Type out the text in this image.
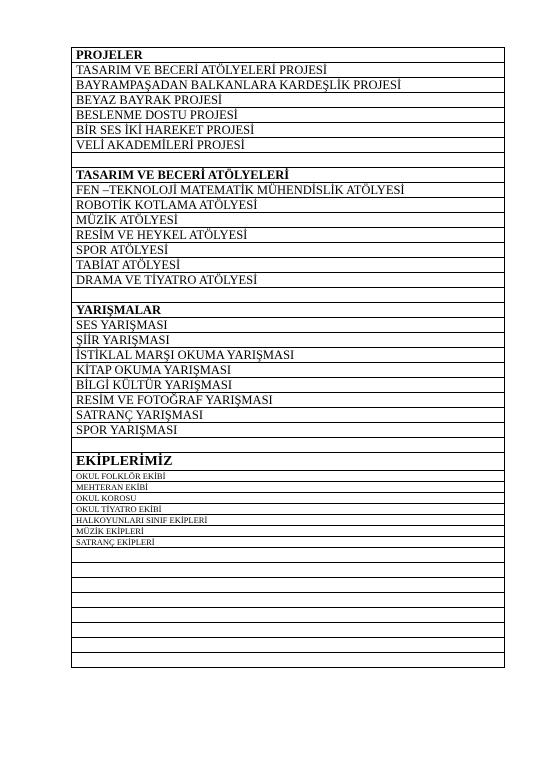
PROJELER
TASARIM VE BECERİ ATÖLYELERİ PROJESİ
BAYRAMPAŞADAN BALKANLARA KARDEŞLİK PROJESİ
BEYAZ BAYRAK PROJESİ
BESLENME DOSTU PROJESİ
BİR SES İKİ HAREKET PROJESİ
VELİ AKADEMİLERİ PROJESİ

TASARIM VE BECERİ ATÖLYELERİ
FEN –TEKNOLOJİ MATEMATİK MÜHENDİSLİK ATÖLYESİ
ROBOTİK KOTLAMA ATÖLYESİ
MÜZİK ATÖLYESİ
RESİM VE HEYKEL ATÖLYESİ
SPOR ATÖLYESİ
TABİAT ATÖLYESİ
DRAMA VE TİYATRO ATÖLYESİ

YARIŞMALAR
SES YARIŞMASI
ŞİİR YARIŞMASI
İSTİKLAL MARŞI OKUMA YARIŞMASI
KİTAP OKUMA YARIŞMASI
BİLGİ KÜLTÜR YARIŞMASI
RESİM VE FOTOĞRAF YARIŞMASI
SATRANÇ YARIŞMASI
SPOR YARIŞMASI

EKİPLERİMİZ
OKUL FOLKLÖR EKİBİ
MEHTERAN EKİBİ
OKUL KOROSU
OKUL TİYATRO EKİBİ
HALKOYUNLARI SINIF EKİPLERİ
MÜZİK EKİPLERİ
SATRANÇ EKİPLERİ
